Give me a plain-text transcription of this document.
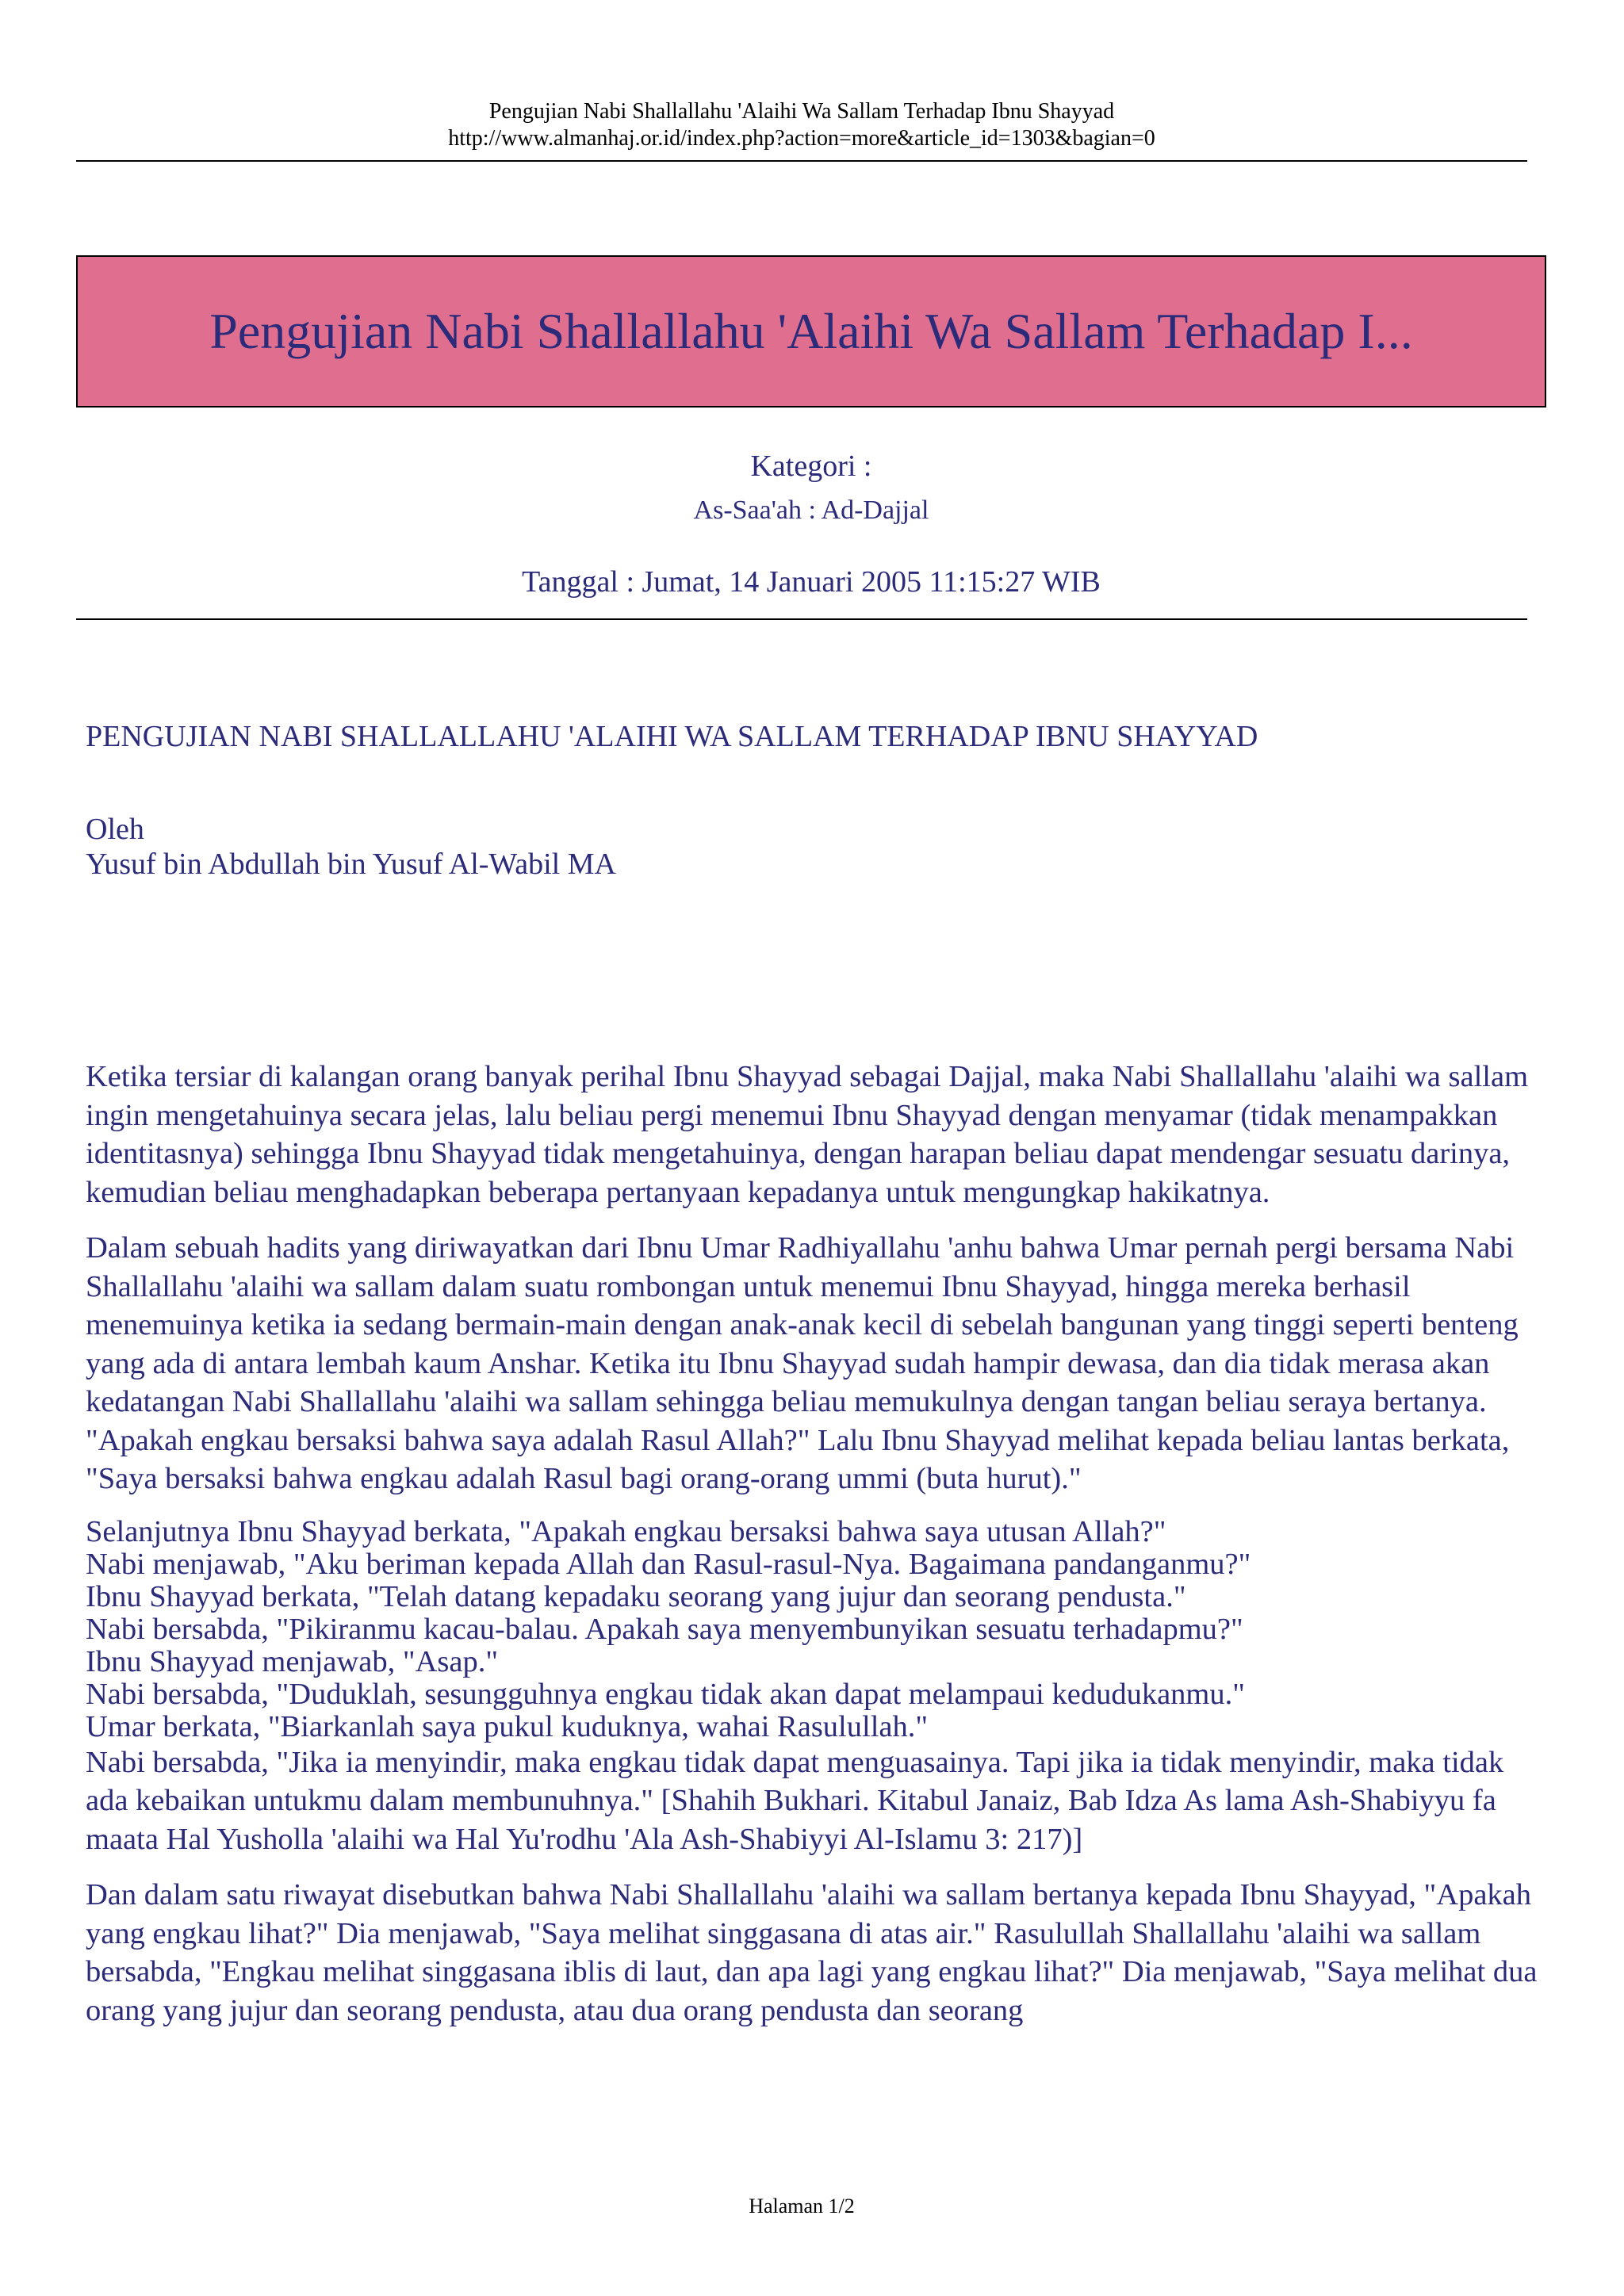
Pengujian Nabi Shallallahu 'Alaihi Wa Sallam Terhadap Ibnu Shayyad
http://www.almanhaj.or.id/index.php?action=more&article_id=1303&bagian=0
Pengujian Nabi Shallallahu 'Alaihi Wa Sallam Terhadap I...
Kategori :
As-Saa'ah : Ad-Dajjal
Tanggal : Jumat, 14 Januari 2005 11:15:27 WIB
PENGUJIAN NABI SHALLALLAHU 'ALAIHI WA SALLAM TERHADAP IBNU SHAYYAD
Oleh
Yusuf bin Abdullah bin Yusuf Al-Wabil MA

Ketika tersiar di kalangan orang banyak perihal Ibnu Shayyad sebagai Dajjal, maka Nabi Shallallahu 'alaihi wa sallam ingin mengetahuinya secara jelas, lalu beliau pergi menemui Ibnu Shayyad dengan menyamar (tidak menampakkan identitasnya) sehingga Ibnu Shayyad tidak mengetahuinya, dengan harapan beliau dapat mendengar sesuatu darinya, kemudian beliau menghadapkan beberapa pertanyaan kepadanya untuk mengungkap hakikatnya.

Dalam sebuah hadits yang diriwayatkan dari Ibnu Umar Radhiyallahu 'anhu bahwa Umar pernah pergi bersama Nabi Shallallahu 'alaihi wa sallam dalam suatu rombongan untuk menemui Ibnu Shayyad, hingga mereka berhasil menemuinya ketika ia sedang bermain-main dengan anak-anak kecil di sebelah bangunan yang tinggi seperti benteng yang ada di antara lembah kaum Anshar. Ketika itu Ibnu Shayyad sudah hampir dewasa, dan dia tidak merasa akan kedatangan Nabi Shallallahu 'alaihi wa sallam sehingga beliau memukulnya dengan tangan beliau seraya bertanya. "Apakah engkau bersaksi bahwa saya adalah Rasul Allah?" Lalu Ibnu Shayyad melihat kepada beliau lantas berkata, "Saya bersaksi bahwa engkau adalah Rasul bagi orang-orang ummi (buta hurut)."

Selanjutnya Ibnu Shayyad berkata, "Apakah engkau bersaksi bahwa saya utusan Allah?"
Nabi menjawab, "Aku beriman kepada Allah dan Rasul-rasul-Nya. Bagaimana pandanganmu?"
Ibnu Shayyad berkata, "Telah datang kepadaku seorang yang jujur dan seorang pendusta."
Nabi bersabda, "Pikiranmu kacau-balau. Apakah saya menyembunyikan sesuatu terhadapmu?"
Ibnu Shayyad menjawab, "Asap."
Nabi bersabda, "Duduklah, sesungguhnya engkau tidak akan dapat melampaui kedudukanmu."
Umar berkata, "Biarkanlah saya pukul kuduknya, wahai Rasulullah."
Nabi bersabda, "Jika ia menyindir, maka engkau tidak dapat menguasainya. Tapi jika ia tidak menyindir, maka tidak ada kebaikan untukmu dalam membunuhnya." [Shahih Bukhari. Kitabul Janaiz, Bab Idza As lama Ash-Shabiyyu fa maata Hal Yusholla 'alaihi wa Hal Yu'rodhu 'Ala Ash-Shabiyyi Al-Islamu 3: 217)]

Dan dalam satu riwayat disebutkan bahwa Nabi Shallallahu 'alaihi wa sallam bertanya kepada Ibnu Shayyad, "Apakah yang engkau lihat?" Dia menjawab, "Saya melihat singgasana di atas air." Rasulullah Shallallahu 'alaihi wa sallam bersabda, "Engkau melihat singgasana iblis di laut, dan apa lagi yang engkau lihat?" Dia menjawab, "Saya melihat dua orang yang jujur dan seorang pendusta, atau dua orang pendusta dan seorang

Halaman 1/2
